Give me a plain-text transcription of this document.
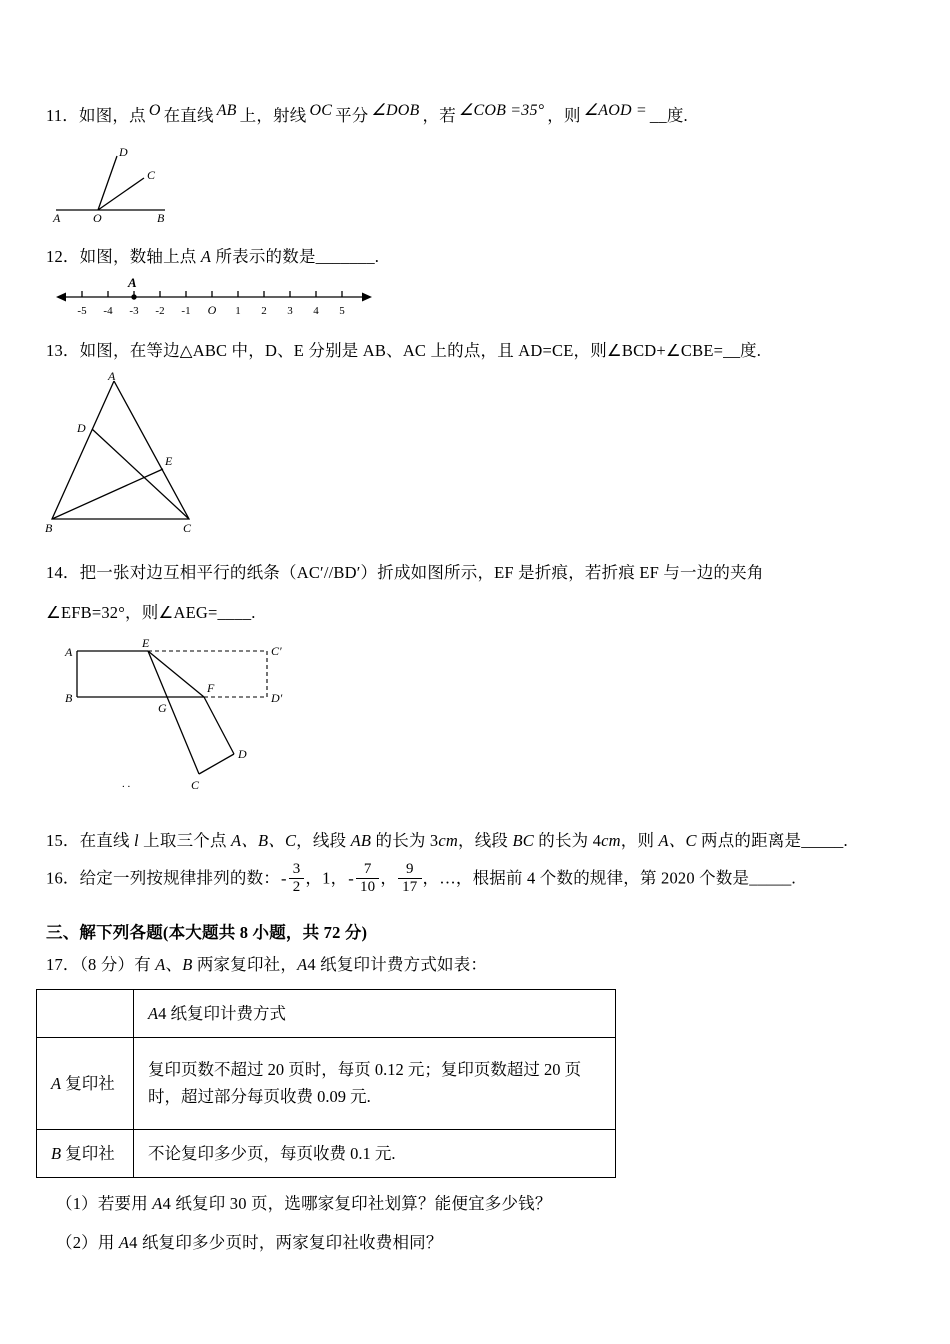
11．如图，点 O 在直线 AB 上，射线 OC 平分 ∠DOB ，若 ∠COB =35° ，则 ∠AOD = __度.
A	O	B
C
D
12．如图，数轴上点 A 所表示的数是_______.
-5 -4 -3 -2 -1 O 1 2 3 4 5
A
13．如图，在等边△ABC 中，D、E 分别是 AB、AC 上的点，且 AD=CE，则∠BCD+∠CBE=__度.
A
B	C
D
E
14．把一张对边互相平行的纸条（AC′//BD′）折成如图所示，EF 是折痕，若折痕 EF 与一边的夹角
∠EFB=32°，则∠AEG=____.
A
E
C′
B
G
F
D′
C
D
. .
15．在直线 l 上取三个点 A、B、C，线段 AB 的长为 3cm，线段 BC 的长为 4cm，则 A、C 两点的距离是_____.
16．给定一列按规律排列的数：- $\frac{3}{2}$ ，1，- $\frac{7}{10}$ ， $\frac{9}{17}$ ，…，根据前 4 个数的规律，第 2020 个数是_____.
三、解下列各题(本大题共 8 小题，共 72 分)
17．（8 分）有 A、B 两家复印社，A4 纸复印计费方式如表：
	A4 纸复印计费方式
A 复印社	复印页数不超过 20 页时，每页 0.12 元；复印页数超过 20 页时，超过部分每页收费 0.09 元.
B 复印社	不论复印多少页，每页收费 0.1 元.
（1）若要用 A4 纸复印 30 页，选哪家复印社划算？能便宜多少钱？
（2）用 A4 纸复印多少页时，两家复印社收费相同？
